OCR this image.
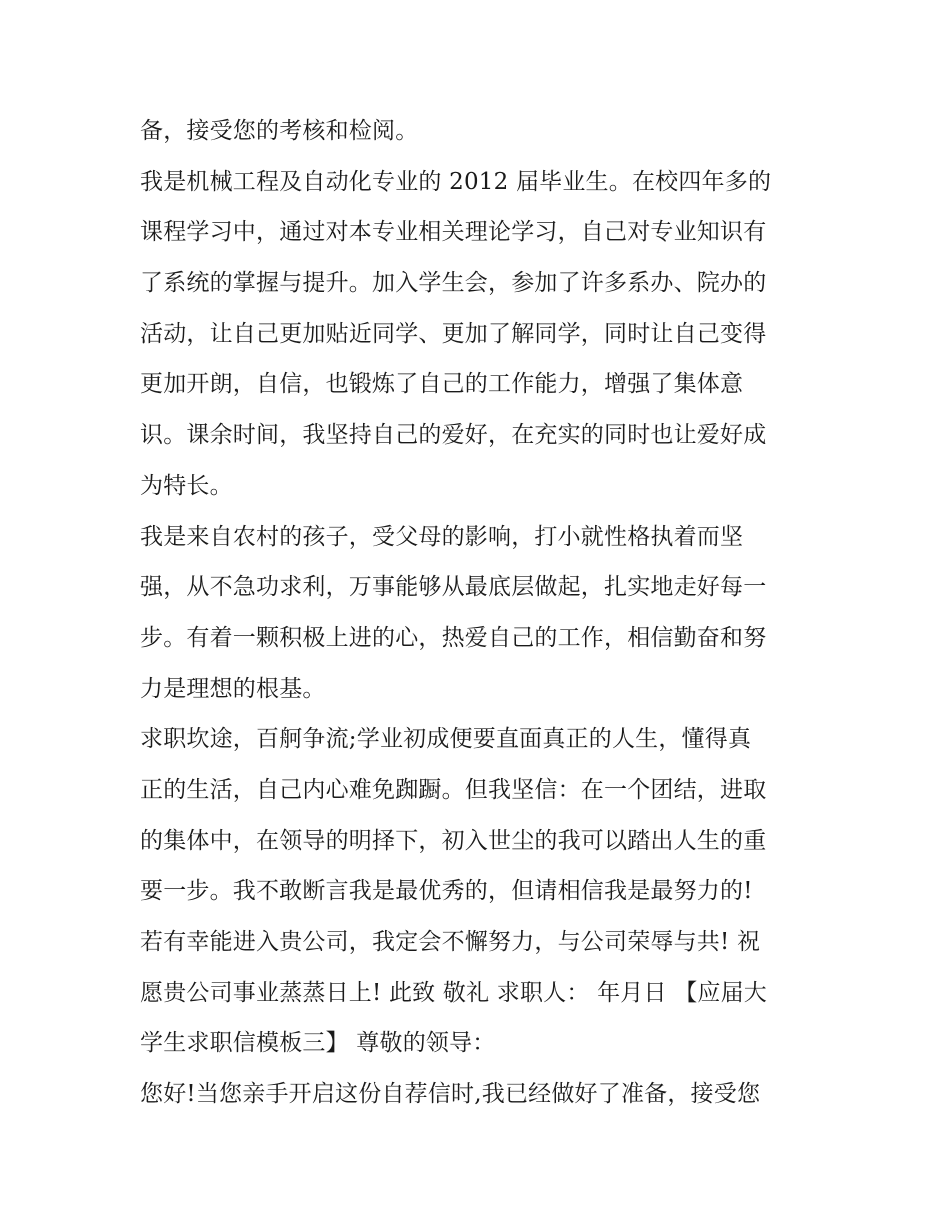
备，接受您的考核和检阅。
我是机械工程及自动化专业的 2012 届毕业生。在校四年多的
课程学习中，通过对本专业相关理论学习，自己对专业知识有
了系统的掌握与提升。加入学生会，参加了许多系办、院办的
活动，让自己更加贴近同学、更加了解同学，同时让自己变得
更加开朗，自信，也锻炼了自己的工作能力，增强了集体意
识。课余时间，我坚持自己的爱好，在充实的同时也让爱好成
为特长。
我是来自农村的孩子，受父母的影响，打小就性格执着而坚
强，从不急功求利，万事能够从最底层做起，扎实地走好每一
步。有着一颗积极上进的心，热爱自己的工作，相信勤奋和努
力是理想的根基。
求职坎途，百舸争流;学业初成便要直面真正的人生，懂得真
正的生活，自己内心难免踟蹰。但我坚信：在一个团结，进取
的集体中，在领导的明择下，初入世尘的我可以踏出人生的重
要一步。我不敢断言我是最优秀的，但请相信我是最努力的!
若有幸能进入贵公司，我定会不懈努力，与公司荣辱与共! 祝
愿贵公司事业蒸蒸日上! 此致 敬礼 求职人： 年月日 【应届大
学生求职信模板三】 尊敬的领导：
您好!当您亲手开启这份自荐信时,我已经做好了准备，接受您
